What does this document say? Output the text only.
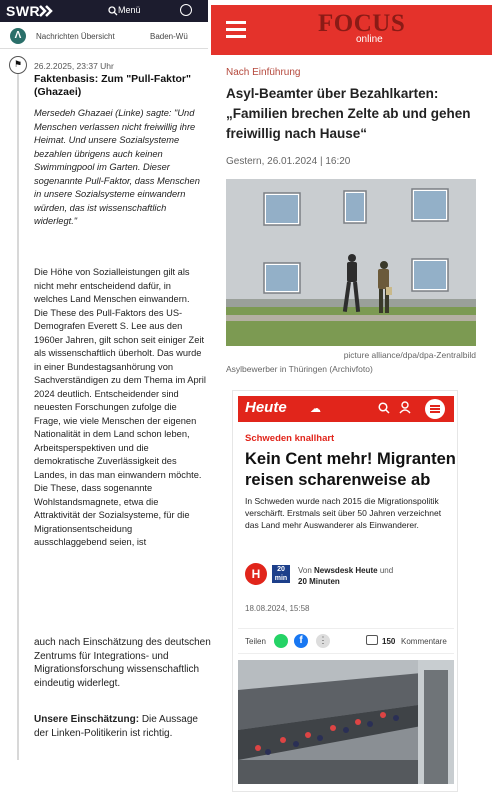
SWR	Menü
Λ	Nachrichten Übersicht	Baden-Wü
⚑	26.2.2025, 23:37 Uhr
Faktenbasis: Zum "Pull-Faktor" (Ghazaei)
Mersedeh Ghazaei (Linke) sagte: "Und Menschen verlassen nicht freiwillig ihre Heimat. Und unsere Sozialsysteme bezahlen übrigens auch keinen Swimmingpool im Garten. Dieser sogenannte Pull-Faktor, dass Menschen in unsere Sozialsysteme einwandern würden, das ist wissenschaftlich widerlegt."
Die Höhe von Sozialleistungen gilt als nicht mehr entscheidend dafür, in welches Land Menschen einwandern. Die These des Pull-Faktors des US-Demografen Everett S. Lee aus den 1960er Jahren, gilt schon seit einiger Zeit als wissenschaftlich überholt. Das wurde in einer Bundestagsanhörung von Sachverständigen zu dem Thema im April 2024 deutlich. Entscheidender sind neuesten Forschungen zufolge die Frage, wie viele Menschen der eigenen Nationalität in dem Land schon leben, Arbeitsperspektiven und die demokratische Zuverlässigkeit des Landes, in das man einwandern möchte. Die These, dass sogenannte Wohlstandsmagnete, etwa die Attraktivität der Sozialsysteme, für die Migrationsentscheidung ausschlaggebend seien, ist
auch nach Einschätzung des deutschen Zentrums für Integrations- und Migrationsforschung wissenschaftlich eindeutig widerlegt.
Unsere Einschätzung: Die Aussage der Linken-Politikerin ist richtig.
FOCUS
online
Nach Einführung
Asyl-Beamter über Bezahlkarten: „Familien brechen Zelte ab und gehen freiwillig nach Hause“
Gestern, 26.01.2024 | 16:20
picture alliance/dpa/dpa-Zentralbild
Asylbewerber in Thüringen (Archivfoto)
Heute ☁
Schweden knallhart
Kein Cent mehr! Migranten reisen scharenweise ab
In Schweden wurde nach 2015 die Migrationspolitik verschärft. Erstmals seit über 50 Jahren verzeichnet das Land mehr Auswanderer als Einwanderer.
H	20 min
Von Newsdesk Heute und
20 Minuten
18.08.2024, 15:58
Teilen	f	⋮	150 Kommentare
